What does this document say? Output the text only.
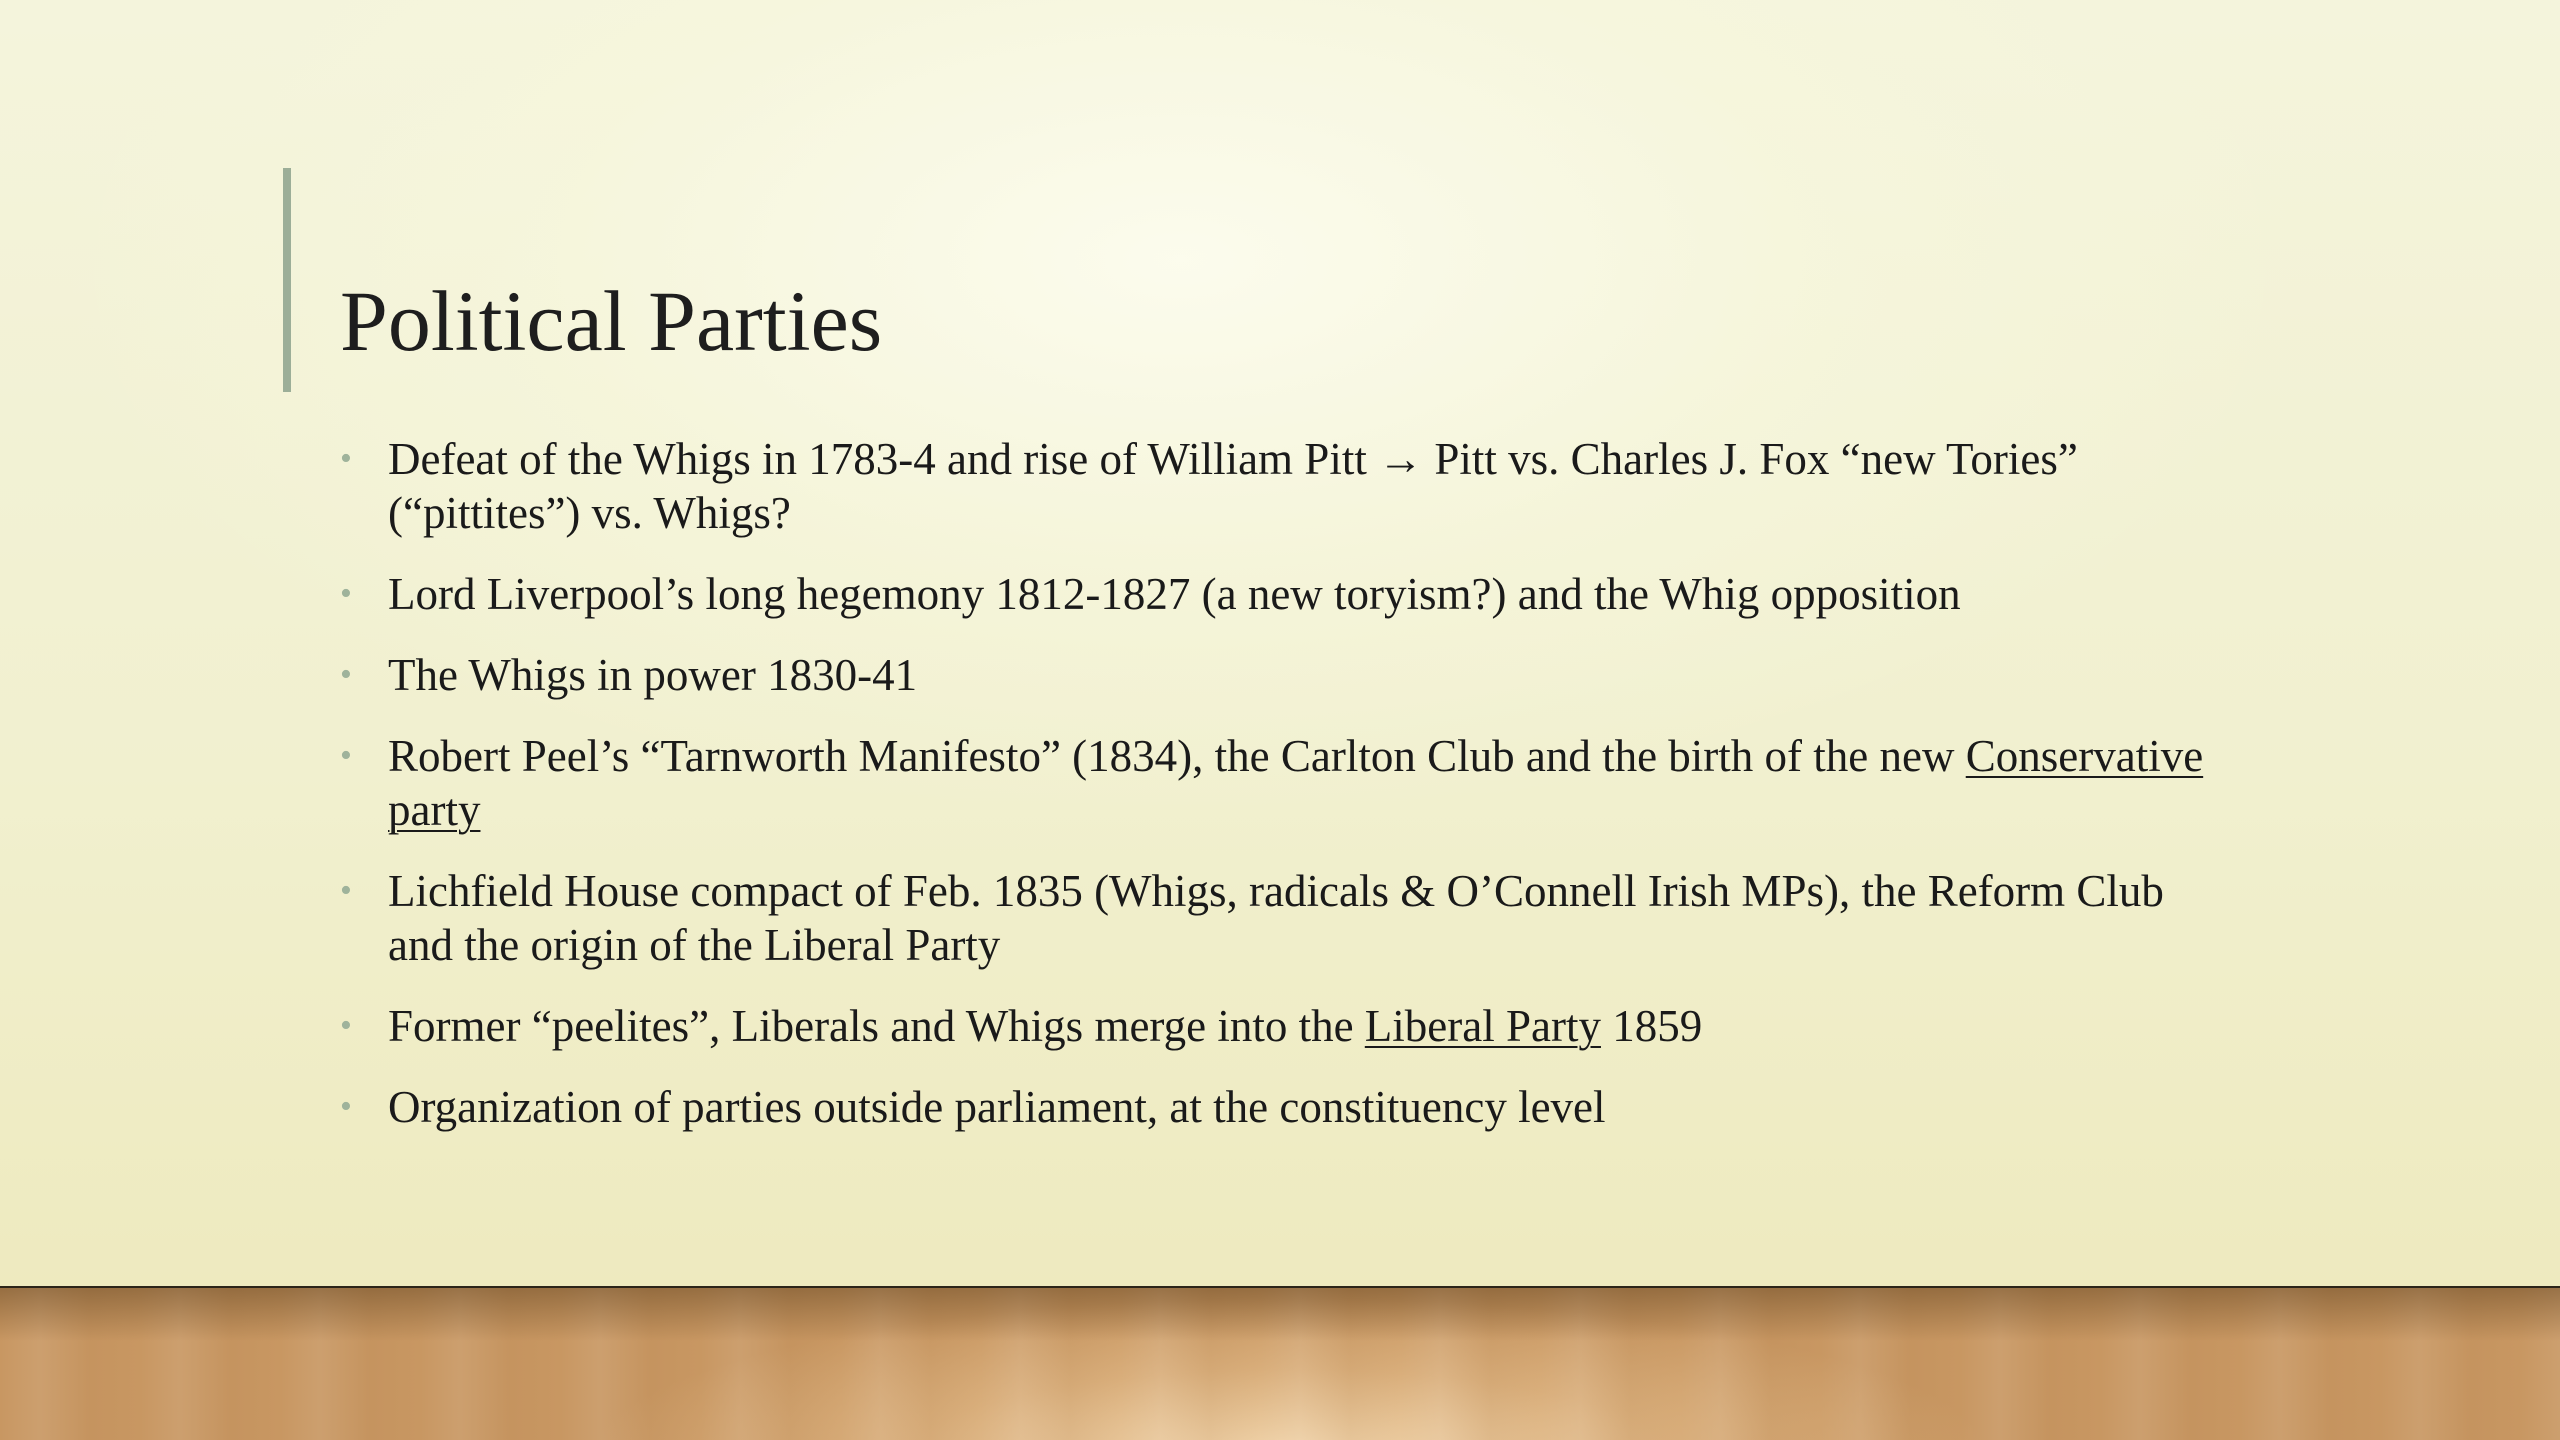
Political Parties
• Defeat of the Whigs in 1783-4 and rise of William Pitt → Pitt vs. Charles J. Fox “new Tories” (“pittites”) vs. Whigs?
• Lord Liverpool’s long hegemony 1812-1827 (a new toryism?) and the Whig opposition
• The Whigs in power 1830-41
• Robert Peel’s “Tarnworth Manifesto” (1834), the Carlton Club and the birth of the new Conservative party
• Lichfield House compact of Feb. 1835 (Whigs, radicals & O’Connell Irish MPs), the Reform Club and the origin of the Liberal Party
• Former “peelites”, Liberals and Whigs merge into the Liberal Party 1859
• Organization of parties outside parliament, at the constituency level
